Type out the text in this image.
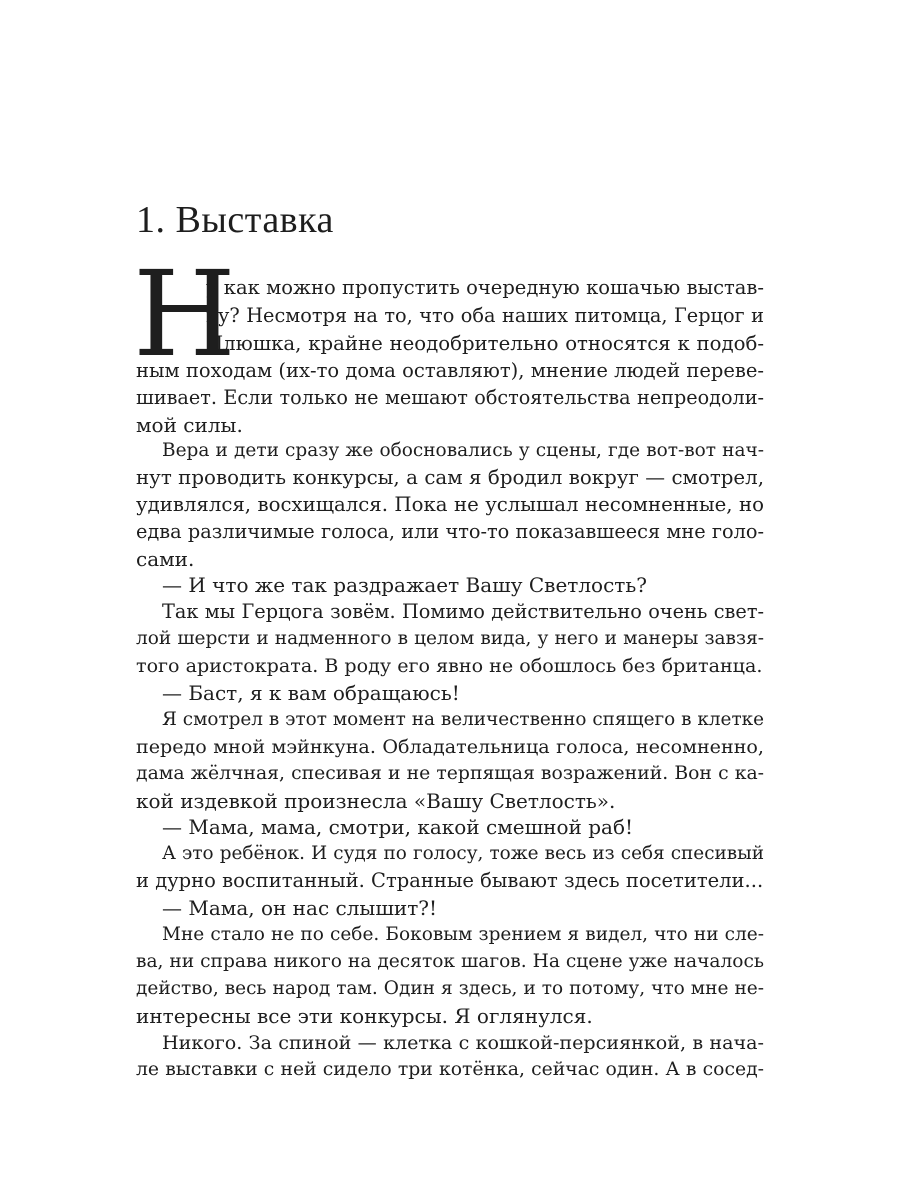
1. Выставка
Н
у как можно пропустить очередную кошачью выстав-
ку? Несмотря на то, что оба наших питомца, Герцог и
Плюшка, крайне неодобрительно относятся к подоб-
ным походам (их-то дома оставляют), мнение людей переве-
шивает. Если только не мешают обстоятельства непреодоли-
мой силы.
Вера и дети сразу же обосновались у сцены, где вот-вот нач-
нут проводить конкурсы, а сам я бродил вокруг — смотрел,
удивлялся, восхищался. Пока не услышал несомненные, но
едва различимые голоса, или что-то показавшееся мне голо-
сами.
— И что же так раздражает Вашу Светлость?
Так мы Герцога зовём. Помимо действительно очень свет-
лой шерсти и надменного в целом вида, у него и манеры завзя-
того аристократа. В роду его явно не обошлось без британца.
— Баст, я к вам обращаюсь!
Я смотрел в этот момент на величественно спящего в клетке
передо мной мэйнкуна. Обладательница голоса, несомненно,
дама жёлчная, спесивая и не терпящая возражений. Вон с ка-
кой издевкой произнесла «Вашу Светлость».
— Мама, мама, смотри, какой смешной раб!
А это ребёнок. И судя по голосу, тоже весь из себя спесивый
и дурно воспитанный. Странные бывают здесь посетители...
— Мама, он нас слышит?!
Мне стало не по себе. Боковым зрением я видел, что ни сле-
ва, ни справа никого на десяток шагов. На сцене уже началось
действо, весь народ там. Один я здесь, и то потому, что мне не-
интересны все эти конкурсы. Я оглянулся.
Никого. За спиной — клетка с кошкой-персиянкой, в нача-
ле выставки с ней сидело три котёнка, сейчас один. А в сосед-
